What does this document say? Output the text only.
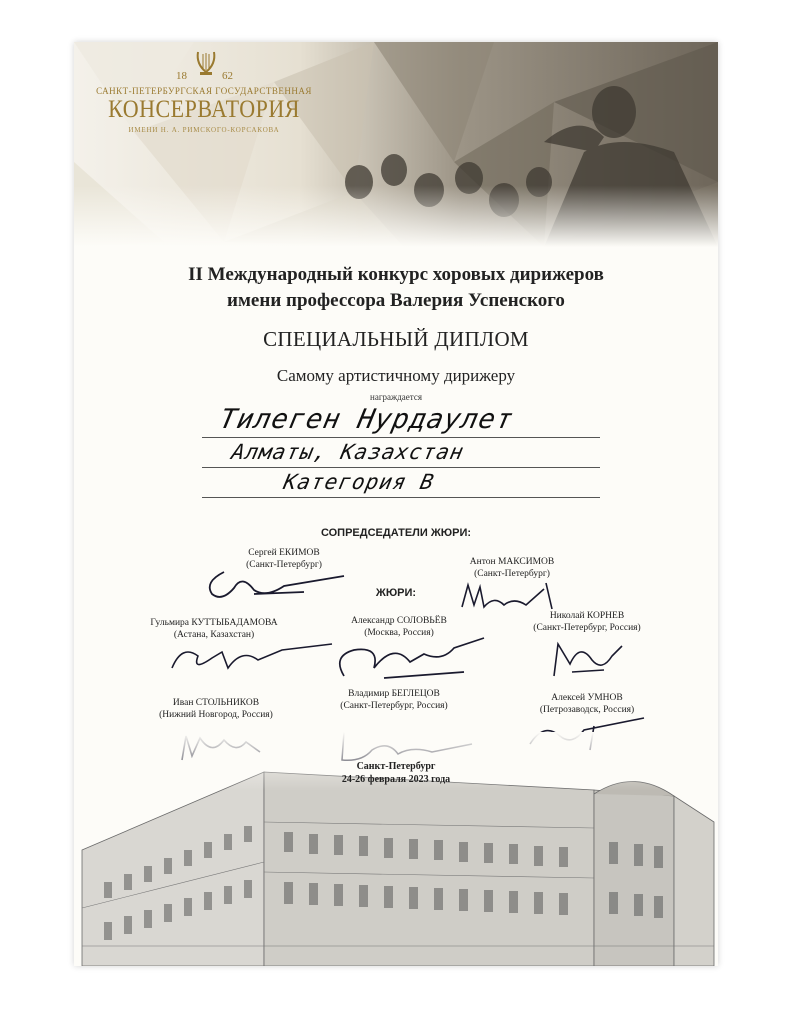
18	62
САНКТ-ПЕТЕРБУРГСКАЯ ГОСУДАРСТВЕННАЯ
КОНСЕРВАТОРИЯ
ИМЕНИ Н. А. РИМСКОГО-КОРСАКОВА
II Международный конкурс хоровых дирижеров
имени профессора Валерия Успенского
СПЕЦИАЛЬНЫЙ ДИПЛОМ
Самому артистичному дирижеру
награждается
Тилеген Нурдаулет
Алматы, Казахстан
Категория В
СОПРЕДСЕДАТЕЛИ ЖЮРИ:
Сергей ЕКИМОВ
(Санкт-Петербург)	Антон МАКСИМОВ
(Санкт-Петербург)
ЖЮРИ:
Гульмира КУТТЫБАДАМОВА
(Астана, Казахстан)
Александр СОЛОВЬЁВ
(Москва, Россия)
Николай КОРНЕВ
(Санкт-Петербург, Россия)
Иван СТОЛЬНИКОВ
(Нижний Новгород, Россия)
Владимир БЕГЛЕЦОВ
(Санкт-Петербург, Россия)
Алексей УМНОВ
(Петрозаводск, Россия)
Санкт-Петербург
24-26 февраля 2023 года
